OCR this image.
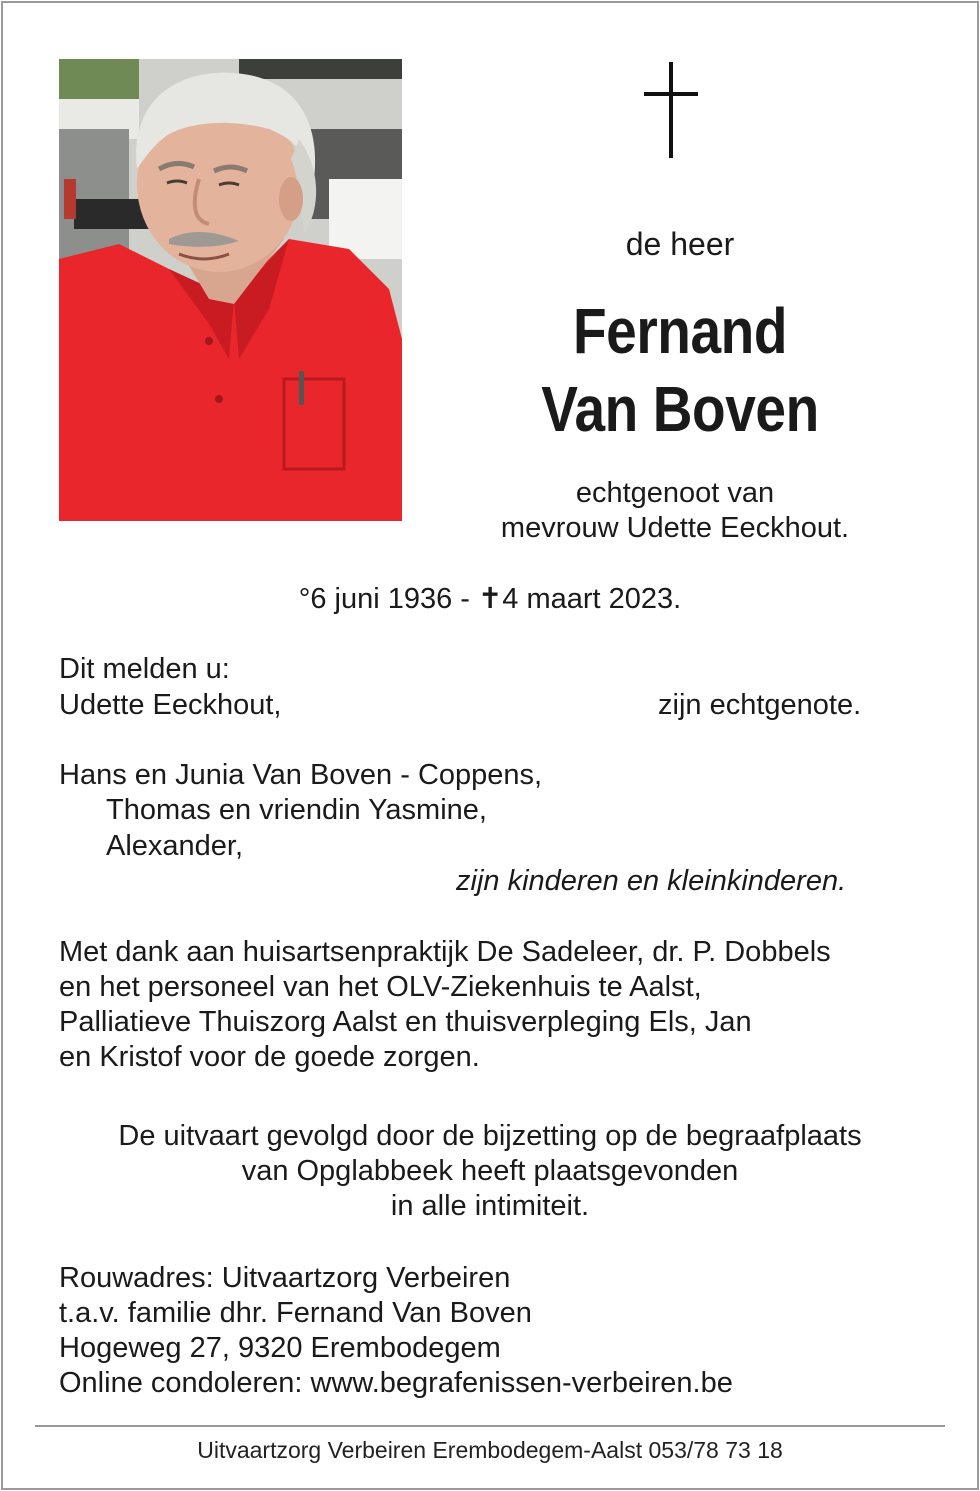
de heer
Fernand
Van Boven
echtgenoot van
mevrouw Udette Eeckhout.
°6 juni 1936 - ✝4 maart 2023.
Dit melden u:
Udette Eeckhout,	zijn echtgenote.
Hans en Junia Van Boven - Coppens,
Thomas en vriendin Yasmine,
Alexander,
zijn kinderen en kleinkinderen.
Met dank aan huisartsenpraktijk De Sadeleer, dr. P. Dobbels
en het personeel van het OLV-Ziekenhuis te Aalst,
Palliatieve Thuiszorg Aalst en thuisverpleging Els, Jan
en Kristof voor de goede zorgen.
De uitvaart gevolgd door de bijzetting op de begraafplaats
van Opglabbeek heeft plaatsgevonden
in alle intimiteit.
Rouwadres: Uitvaartzorg Verbeiren
t.a.v. familie dhr. Fernand Van Boven
Hogeweg 27, 9320 Erembodegem
Online condoleren: www.begrafenissen-verbeiren.be
Uitvaartzorg Verbeiren Erembodegem-Aalst 053/78 73 18
